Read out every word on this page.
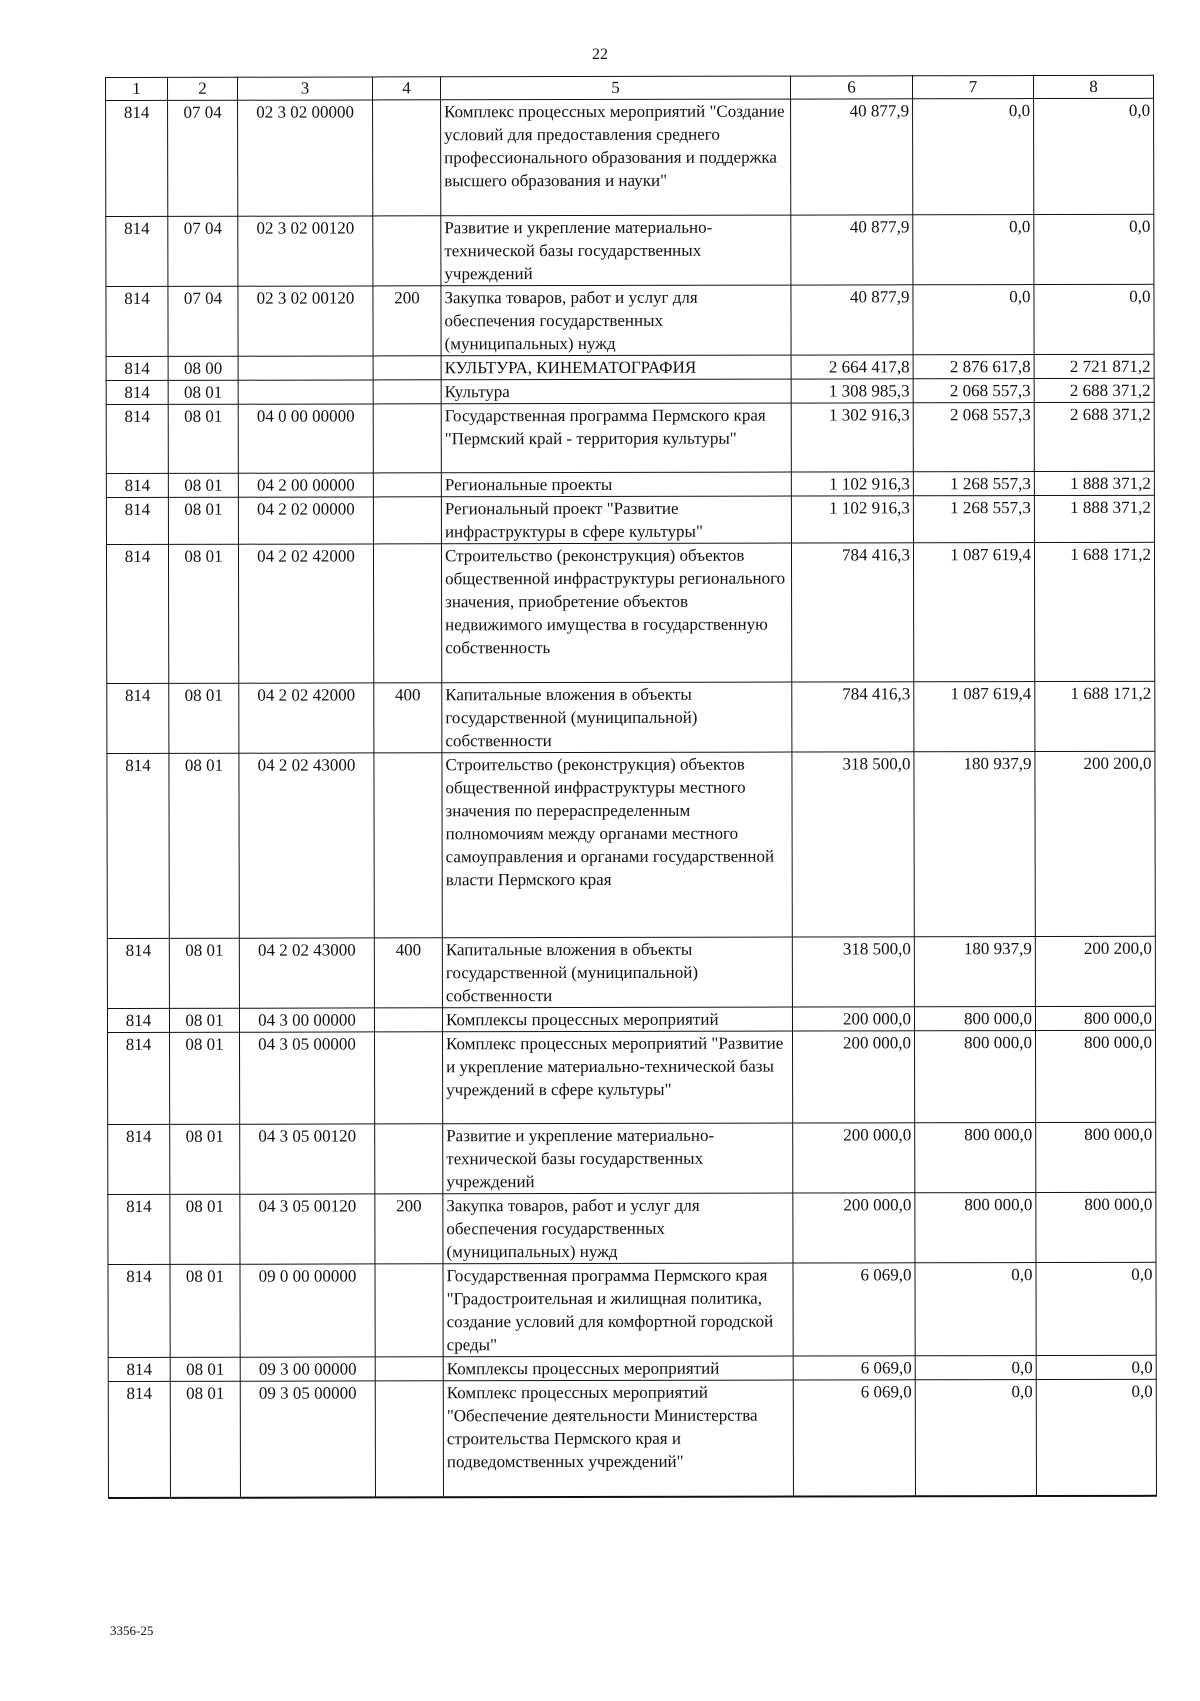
22
1	2	3	4	5	6	7	8
814	07 04	02 3 02 00000		Комплекс процессных мероприятий "Создание условий для предоставления среднего профессионального образования и поддержка высшего образования и науки"	40 877,9	0,0	0,0
814	07 04	02 3 02 00120		Развитие и укрепление материально-технической базы государственных учреждений	40 877,9	0,0	0,0
814	07 04	02 3 02 00120	200	Закупка товаров, работ и услуг для обеспечения государственных (муниципальных) нужд	40 877,9	0,0	0,0
814	08 00			КУЛЬТУРА, КИНЕМАТОГРАФИЯ	2 664 417,8	2 876 617,8	2 721 871,2
814	08 01			Культура	1 308 985,3	2 068 557,3	2 688 371,2
814	08 01	04 0 00 00000		Государственная программа Пермского края "Пермский край - территория культуры"	1 302 916,3	2 068 557,3	2 688 371,2
814	08 01	04 2 00 00000		Региональные проекты	1 102 916,3	1 268 557,3	1 888 371,2
814	08 01	04 2 02 00000		Региональный проект "Развитие инфраструктуры в сфере культуры"	1 102 916,3	1 268 557,3	1 888 371,2
814	08 01	04 2 02 42000		Строительство (реконструкция) объектов общественной инфраструктуры регионального значения, приобретение объектов недвижимого имущества в государственную собственность	784 416,3	1 087 619,4	1 688 171,2
814	08 01	04 2 02 42000	400	Капитальные вложения в объекты государственной (муниципальной) собственности	784 416,3	1 087 619,4	1 688 171,2
814	08 01	04 2 02 43000		Строительство (реконструкция) объектов общественной инфраструктуры местного значения по перераспределенным полномочиям между органами местного самоуправления и органами государственной власти Пермского края	318 500,0	180 937,9	200 200,0
814	08 01	04 2 02 43000	400	Капитальные вложения в объекты государственной (муниципальной) собственности	318 500,0	180 937,9	200 200,0
814	08 01	04 3 00 00000		Комплексы процессных мероприятий	200 000,0	800 000,0	800 000,0
814	08 01	04 3 05 00000		Комплекс процессных мероприятий "Развитие и укрепление материально-технической базы учреждений в сфере культуры"	200 000,0	800 000,0	800 000,0
814	08 01	04 3 05 00120		Развитие и укрепление материально-технической базы государственных учреждений	200 000,0	800 000,0	800 000,0
814	08 01	04 3 05 00120	200	Закупка товаров, работ и услуг для обеспечения государственных (муниципальных) нужд	200 000,0	800 000,0	800 000,0
814	08 01	09 0 00 00000		Государственная программа Пермского края "Градостроительная и жилищная политика, создание условий для комфортной городской среды"	6 069,0	0,0	0,0
814	08 01	09 3 00 00000		Комплексы процессных мероприятий	6 069,0	0,0	0,0
814	08 01	09 3 05 00000		Комплекс процессных мероприятий "Обеспечение деятельности Министерства строительства Пермского края и подведомственных учреждений"	6 069,0	0,0	0,0
3356-25
